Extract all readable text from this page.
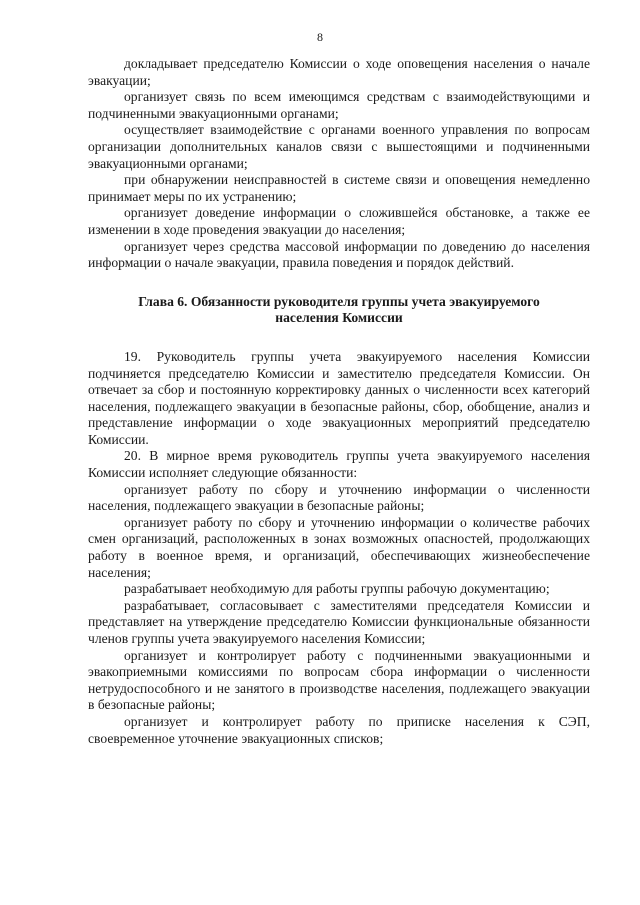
8

докладывает председателю Комиссии о ходе оповещения населения о начале эвакуации;

организует связь по всем имеющимся средствам с взаимодействующими и подчиненными эвакуационными органами;

осуществляет взаимодействие с органами военного управления по вопросам организации дополнительных каналов связи с вышестоящими и подчиненными эвакуационными органами;

при обнаружении неисправностей в системе связи и оповещения немедленно принимает меры по их устранению;

организует доведение информации о сложившейся обстановке, а также ее изменении в ходе проведения эвакуации до населения;

организует через средства массовой информации по доведению до населения информации о начале эвакуации, правила поведения и порядок действий.

Глава 6. Обязанности руководителя группы учета эвакуируемого населения Комиссии

19. Руководитель группы учета эвакуируемого населения Комиссии подчиняется председателю Комиссии и заместителю председателя Комиссии. Он отвечает за сбор и постоянную корректировку данных о численности всех категорий населения, подлежащего эвакуации в безопасные районы, сбор, обобщение, анализ и представление информации о ходе эвакуационных мероприятий председателю Комиссии.

20. В мирное время руководитель группы учета эвакуируемого населения Комиссии исполняет следующие обязанности:

организует работу по сбору и уточнению информации о численности населения, подлежащего эвакуации в безопасные районы;

организует работу по сбору и уточнению информации о количестве рабочих смен организаций, расположенных в зонах возможных опасностей, продолжающих работу в военное время, и организаций, обеспечивающих жизнеобеспечение населения;

разрабатывает необходимую для работы группы рабочую документацию;

разрабатывает, согласовывает с заместителями председателя Комиссии и представляет на утверждение председателю Комиссии функциональные обязанности членов группы учета эвакуируемого населения Комиссии;

организует и контролирует работу с подчиненными эвакуационными и эвакоприемными комиссиями по вопросам сбора информации о численности нетрудоспособного и не занятого в производстве населения, подлежащего эвакуации в безопасные районы;

организует и контролирует работу по приписке населения к СЭП, своевременное уточнение эвакуационных списков;
